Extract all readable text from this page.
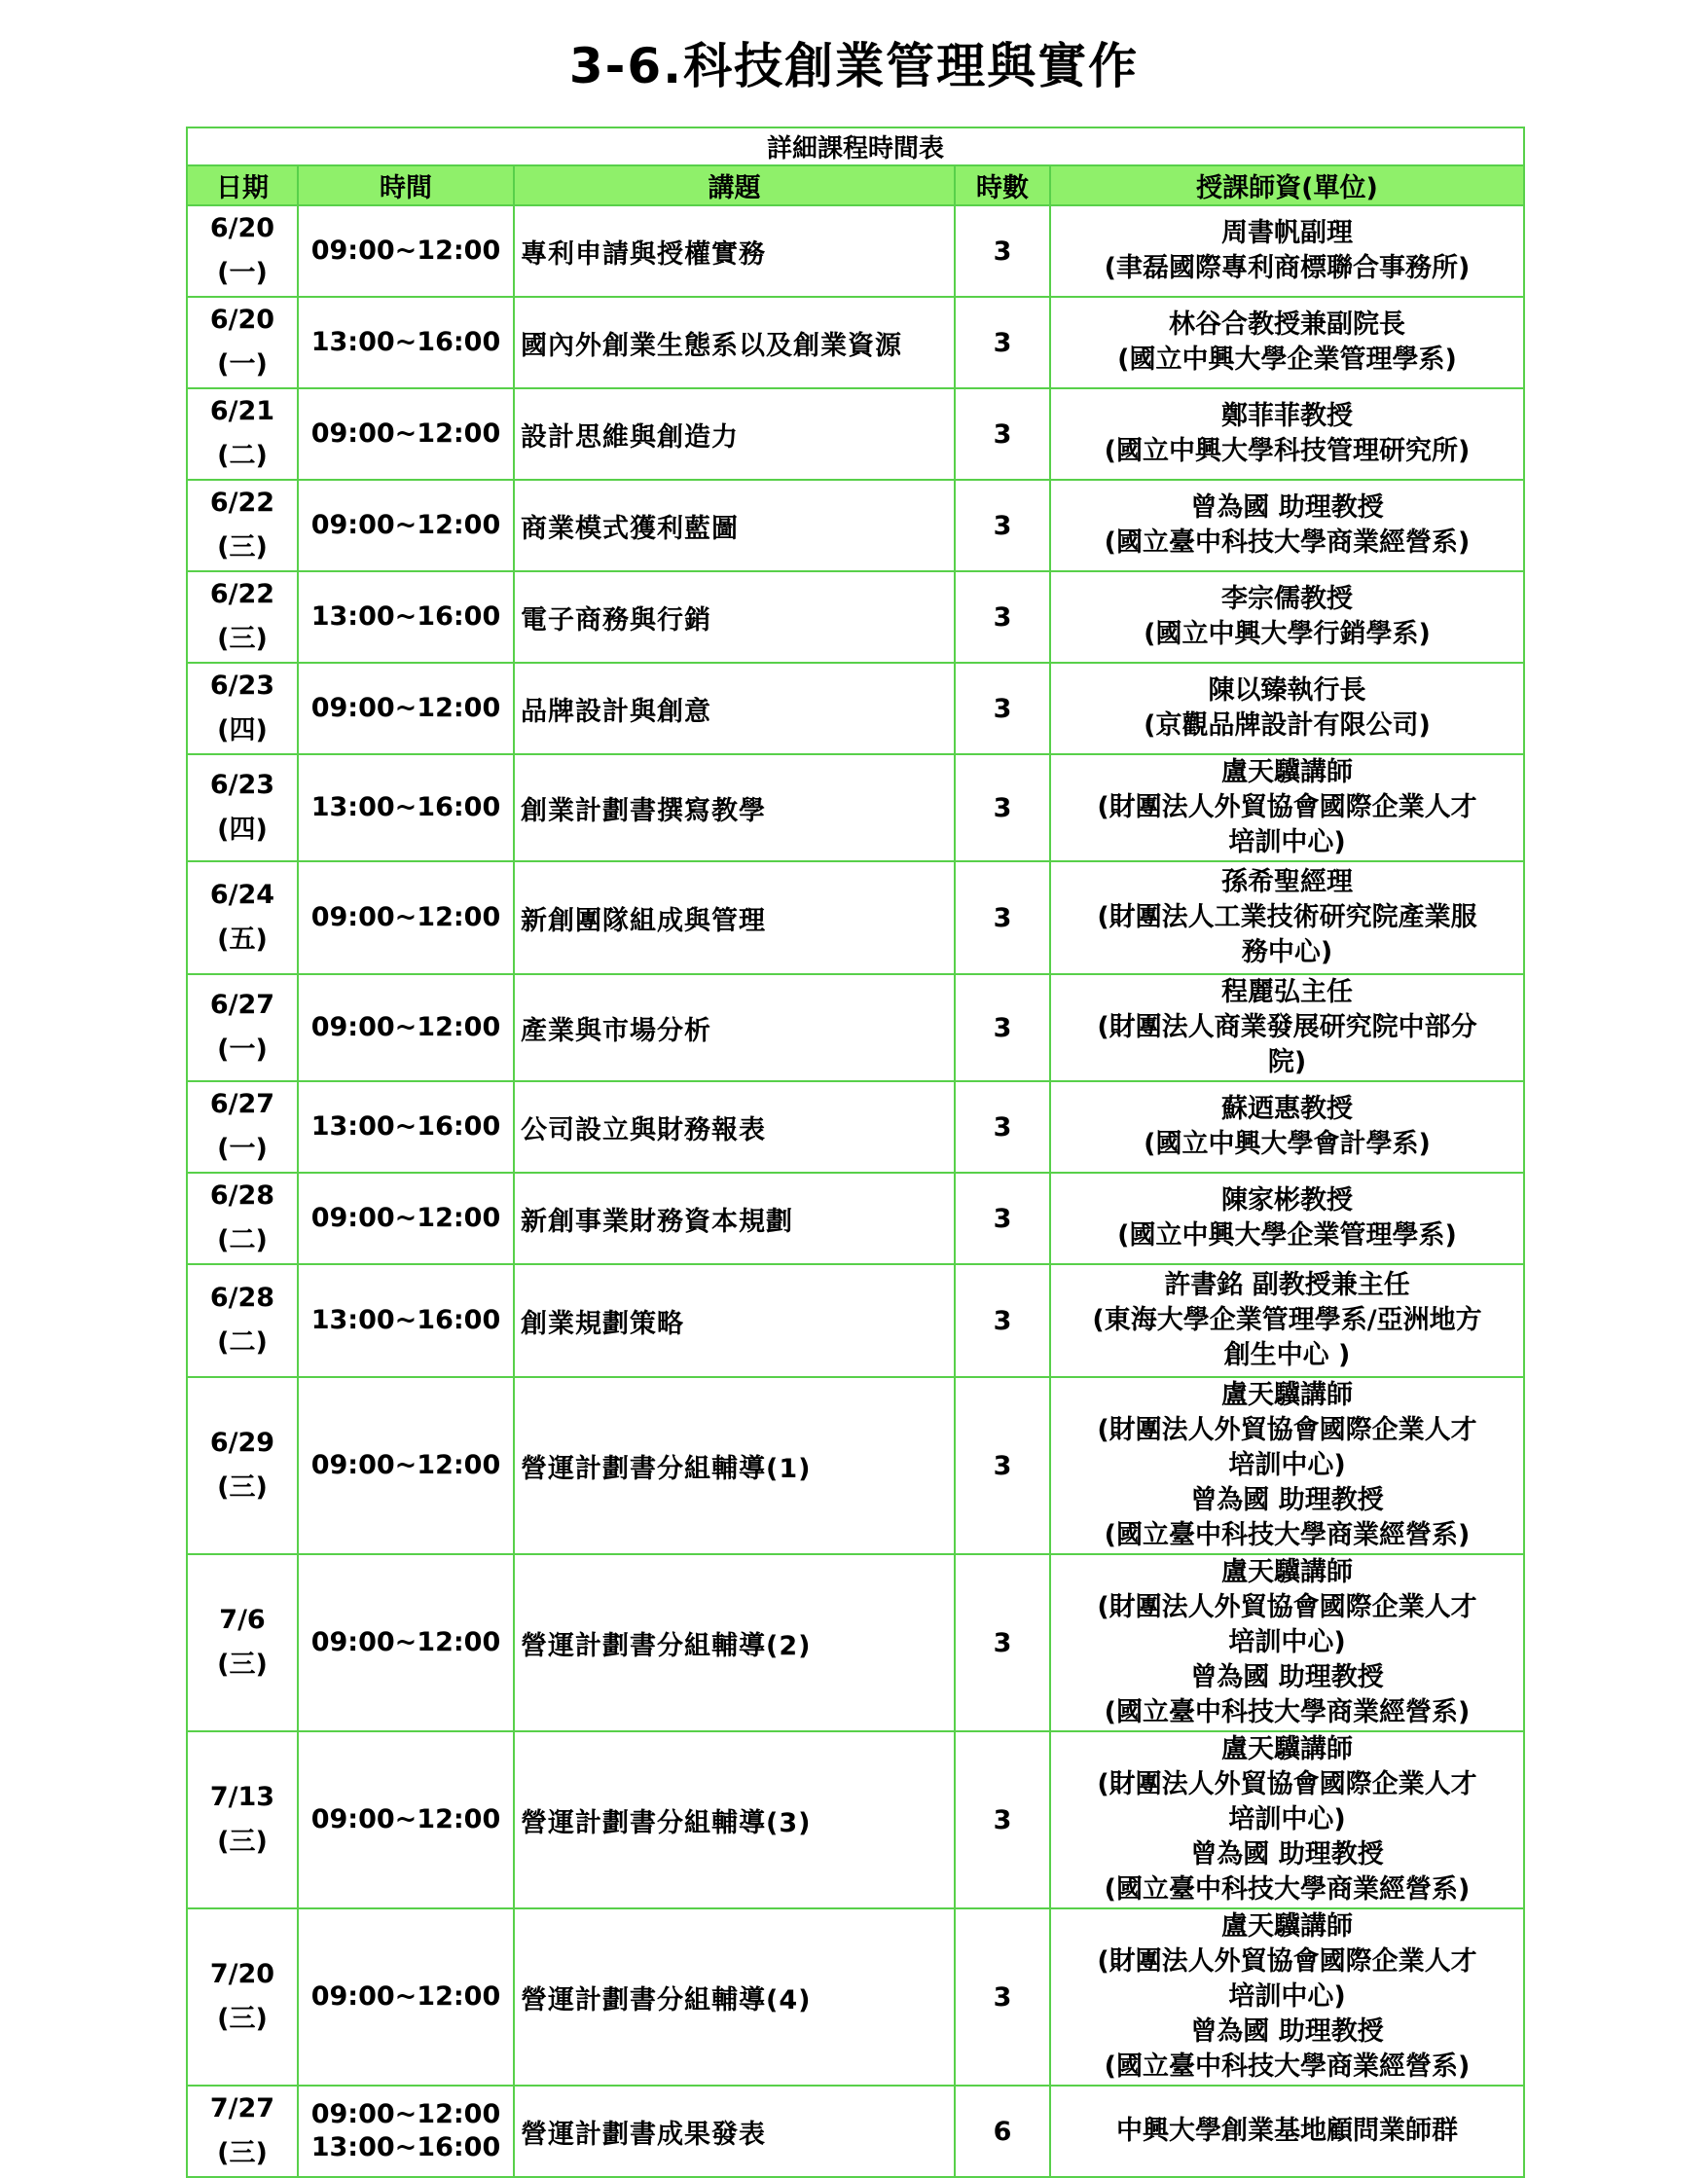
3-6.科技創業管理與實作
詳細課程時間表				
日期	時間	講題	時數	授課師資(單位)

6/20
(一)	09:00~12:00	專利申請與授權實務	3	周書帆副理
(聿磊國際專利商標聯合事務所)

6/20
(一)	13:00~16:00	國內外創業生態系以及創業資源	3	林谷合教授兼副院長
(國立中興大學企業管理學系)

6/21
(二)	09:00~12:00	設計思維與創造力	3	鄭菲菲教授
(國立中興大學科技管理研究所)

6/22
(三)	09:00~12:00	商業模式獲利藍圖	3	曾為國 助理教授
(國立臺中科技大學商業經營系)

6/22
(三)	13:00~16:00	電子商務與行銷	3	李宗儒教授
(國立中興大學行銷學系)

6/23
(四)	09:00~12:00	品牌設計與創意	3	陳以臻執行長
(京觀品牌設計有限公司)

6/23
(四)	13:00~16:00	創業計劃書撰寫教學	3	盧天驥講師
(財團法人外貿協會國際企業人才
培訓中心)

6/24
(五)	09:00~12:00	新創團隊組成與管理	3	孫希聖經理
(財團法人工業技術研究院產業服
務中心)

6/27
(一)	09:00~12:00	產業與市場分析	3	程麗弘主任
(財團法人商業發展研究院中部分
院)

6/27
(一)	13:00~16:00	公司設立與財務報表	3	蘇迺惠教授
(國立中興大學會計學系)

6/28
(二)	09:00~12:00	新創事業財務資本規劃	3	陳家彬教授
(國立中興大學企業管理學系)

6/28
(二)	13:00~16:00	創業規劃策略	3	許書銘 副教授兼主任
(東海大學企業管理學系/亞洲地方
創生中心 )

6/29
(三)	09:00~12:00	營運計劃書分組輔導(1)	3	盧天驥講師
(財團法人外貿協會國際企業人才
培訓中心)
曾為國 助理教授
(國立臺中科技大學商業經營系)

7/6
(三)	09:00~12:00	營運計劃書分組輔導(2)	3	盧天驥講師
(財團法人外貿協會國際企業人才
培訓中心)
曾為國 助理教授
(國立臺中科技大學商業經營系)

7/13
(三)	09:00~12:00	營運計劃書分組輔導(3)	3	盧天驥講師
(財團法人外貿協會國際企業人才
培訓中心)
曾為國 助理教授
(國立臺中科技大學商業經營系)

7/20
(三)	09:00~12:00	營運計劃書分組輔導(4)	3	盧天驥講師
(財團法人外貿協會國際企業人才
培訓中心)
曾為國 助理教授
(國立臺中科技大學商業經營系)

7/27
(三)	09:00~12:00
13:00~16:00	營運計劃書成果發表	6	中興大學創業基地顧問業師群
